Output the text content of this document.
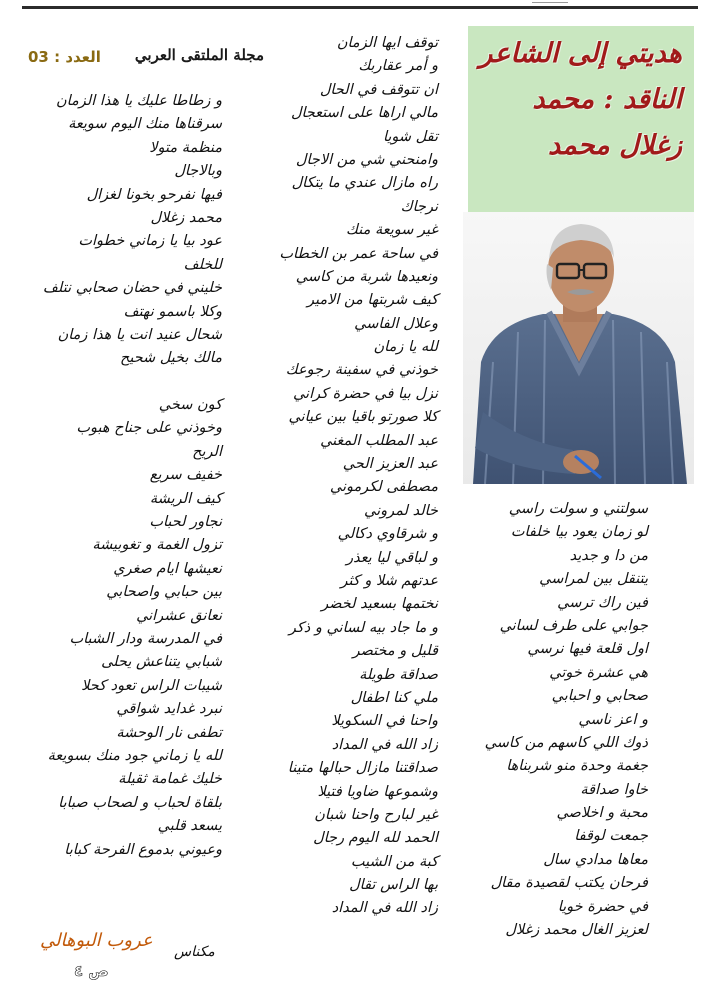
هديتي إلى الشاعر
الناقد : محمد
زغلال محمد
مجلة الملتقى العربي
العدد : 03
و زطاطا عليك يا هذا الزمان
سرقناها منك اليوم سويعة
منظمة متولا
وبالاجال
فيها نفرحو بخونا لغزال
محمد زغلال
عود بيا يا زماني خطوات
للخلف
خليني في حضان صحابي نتلف
وكلا باسمو نهتف
شحال عنيد انت يا هذا زمان
مالك بخيل شحيح
كون سخي
وخوذني على جناح هبوب
الريح
خفيف سريع
كيف الريشة
نجاور لحباب
تزول الغمة و تغوبيشة
نعيشها ايام صغري
بين حبابي واصحابي
نعانق عشراني
في المدرسة ودار الشباب
شبابي يتناعش يحلى
شيبات الراس تعود كحلا
نبرد غدايد شواقي
تطفى نار الوحشة
لله يا زماني جود منك بسويعة
خليك غمامة ثقيلة
بلقاة لحباب و لصحاب صبابا
يسعد قلبي
وعيوني بدموع الفرحة كبابا
توقف ايها الزمان
و أمر عقاربك
ان تتوقف في الحال
مالي اراها على استعجال
تقل شويا
وامنحني شي من الاجال
راه مازال عندي ما يتكال
نرجاك
غير سويعة منك
في ساحة عمر بن الخطاب
ونعيدها شربة من كاسي
كيف شربتها من الامير
وعلال الفاسي
لله يا زمان
خوذني في سفينة رجوعك
نزل بيا في حضرة كراني
كلا صورتو باقيا بين عياني
عبد المطلب المغني
عبد العزيز الحي
مصطفى لكرموني
خالد لمروني
و شرقاوي دكالي
و لباقي ليا يعذر
عدتهم شلا و كثر
نختمها بسعيد لخضر
و ما جاد بيه لساني و ذكر
قليل و مختصر
صداقة طويلة
ملي كنا اطفال
واحنا في السكويلا
زاد الله في المداد
صداقتنا مازال حبالها متينا
وشموعها ضاويا فتيلا
غير لبارح واحنا شبان
الحمد لله اليوم رجال
كبة من الشيب
بها الراس تقال
زاد الله في المداد
سولتني و سولت راسي
لو زمان يعود بيا خلفات
من دا و جديد
يتنقل بين لمراسي
فين راك ترسي
جوابي على طرف لساني
اول قلعة فيها نرسي
هي عشرة خوتي
صحابي و احبابي
و اعز ناسي
ذوك اللي كاسهم من كاسي
جغمة وحدة منو شربناها
خاوا صداقة
محبة و اخلاصي
جمعت لوقفا
معاها مدادي سال
فرحان يكتب لقصيدة مقال
في حضرة خويا
لعزيز الغال محمد زغلال
عروب البوهالي
مكناس
ص ٤
